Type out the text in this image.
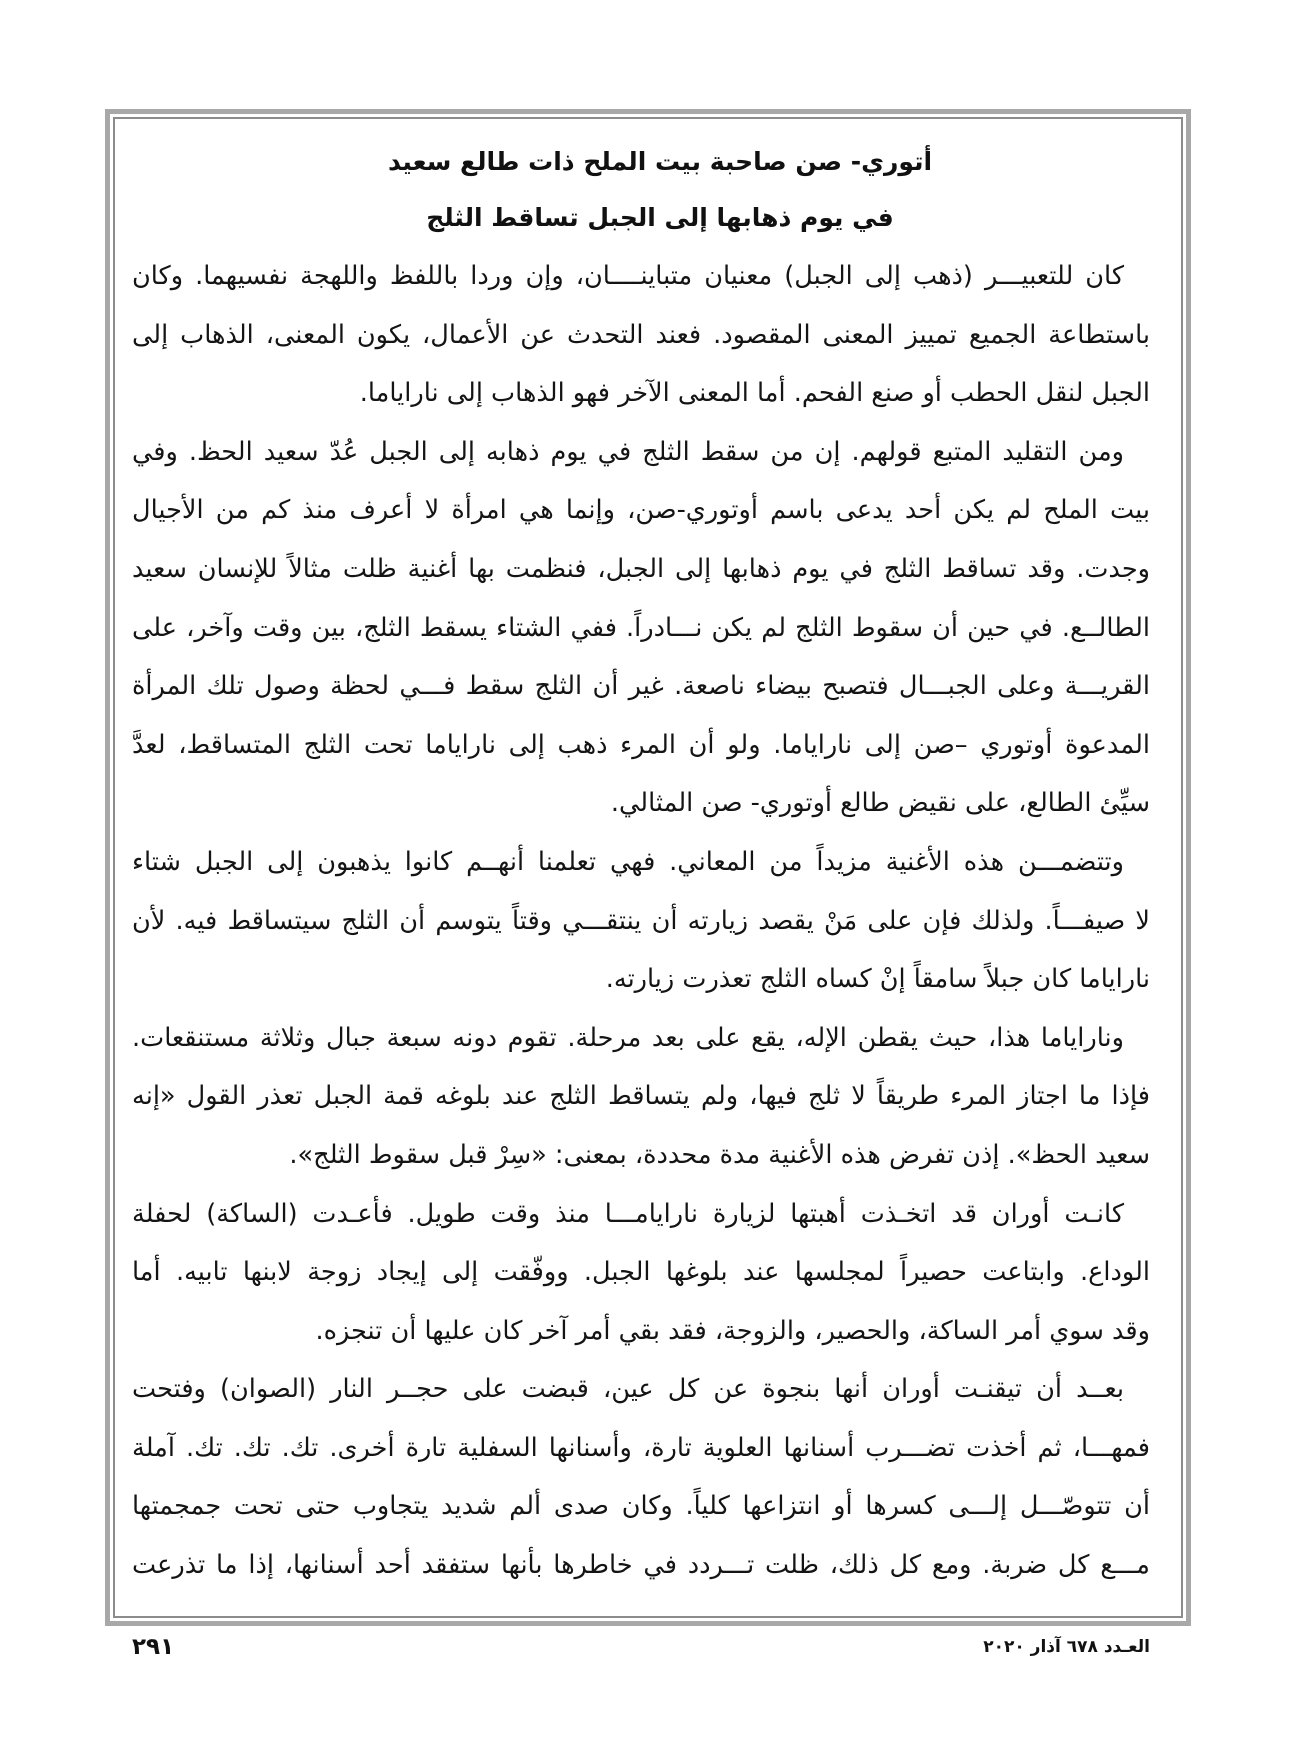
أتوري- صن صاحبة بيت الملح ذات طالع سعيد
في يوم ذهابها إلى الجبل تساقط الثلج
كان للتعبيـــر (ذهب إلى الجبل) معنيان متباينــــان، وإن وردا باللفظ واللهجة نفسيهما. وكان
باستطاعة الجميع تمييز المعنى المقصود. فعند التحدث عن الأعمال، يكون المعنى، الذهاب إلى
الجبل لنقل الحطب أو صنع الفحم. أما المعنى الآخر فهو الذهاب إلى ناراياما.
ومن التقليد المتبع قولهم. إن من سقط الثلج في يوم ذهابه إلى الجبل عُدّ سعيد الحظ. وفي
بيت الملح لم يكن أحد يدعى باسم أوتوري-صن، وإنما هي امرأة لا أعرف منذ كم من الأجيال
وجدت. وقد تساقط الثلج في يوم ذهابها إلى الجبل، فنظمت بها أغنية ظلت مثالاً للإنسان سعيد
الطالــع. في حين أن سقوط الثلج لم يكن نـــادراً. ففي الشتاء يسقط الثلج، بين وقت وآخر، على
القريـــة وعلى الجبـــال فتصبح بيضاء ناصعة. غير أن الثلج سقط فـــي لحظة وصول تلك المرأة
المدعوة أوتوري –صن إلى ناراياما. ولو أن المرء ذهب إلى ناراياما تحت الثلج المتساقط، لعدَّ
سيِّئ الطالع، على نقيض طالع أوتوري- صن المثالي.
وتتضمـــن هذه الأغنية مزيداً من المعاني. فهي تعلمنا أنهــم كانوا يذهبون إلى الجبل شتاء
لا صيفـــاً. ولذلك فإن على مَنْ يقصد زيارته أن ينتقـــي وقتاً يتوسم أن الثلج سيتساقط فيه. لأن
ناراياما كان جبلاً سامقاً إنْ كساه الثلج تعذرت زيارته.
وناراياما هذا، حيث يقطن الإله، يقع على بعد مرحلة. تقوم دونه سبعة جبال وثلاثة مستنقعات.
فإذا ما اجتاز المرء طريقاً لا ثلج فيها، ولم يتساقط الثلج عند بلوغه قمة الجبل تعذر القول «إنه
سعيد الحظ». إذن تفرض هذه الأغنية مدة محددة، بمعنى: «سِرْ قبل سقوط الثلج».
كانـت أوران قد اتخـذت أهبتها لزيارة نارايامـــا منذ وقت طويل. فأعـدت (الساكة) لحفلة
الوداع. وابتاعت حصيراً لمجلسها عند بلوغها الجبل. ووفّقت إلى إيجاد زوجة لابنها تابيه. أما
وقد سوي أمر الساكة، والحصير، والزوجة، فقد بقي أمر آخر كان عليها أن تنجزه.
بعــد أن تيقنـت أوران أنها بنجوة عن كل عين، قبضت على حجــر النار (الصوان) وفتحت
فمهـــا، ثم أخذت تضـــرب أسنانها العلوية تارة، وأسنانها السفلية تارة أخرى. تك. تك. تك. آملة
أن تتوصّـــل إلـــى كسرها أو انتزاعها كلياً. وكان صدى ألم شديد يتجاوب حتى تحت جمجمتها
مـــع كل ضربة. ومع كل ذلك، ظلت تـــردد في خاطرها بأنها ستفقد أحد أسنانها، إذا ما تذرعت
العـدد ٦٧٨ آذار ٢٠٢٠
٢٩١
